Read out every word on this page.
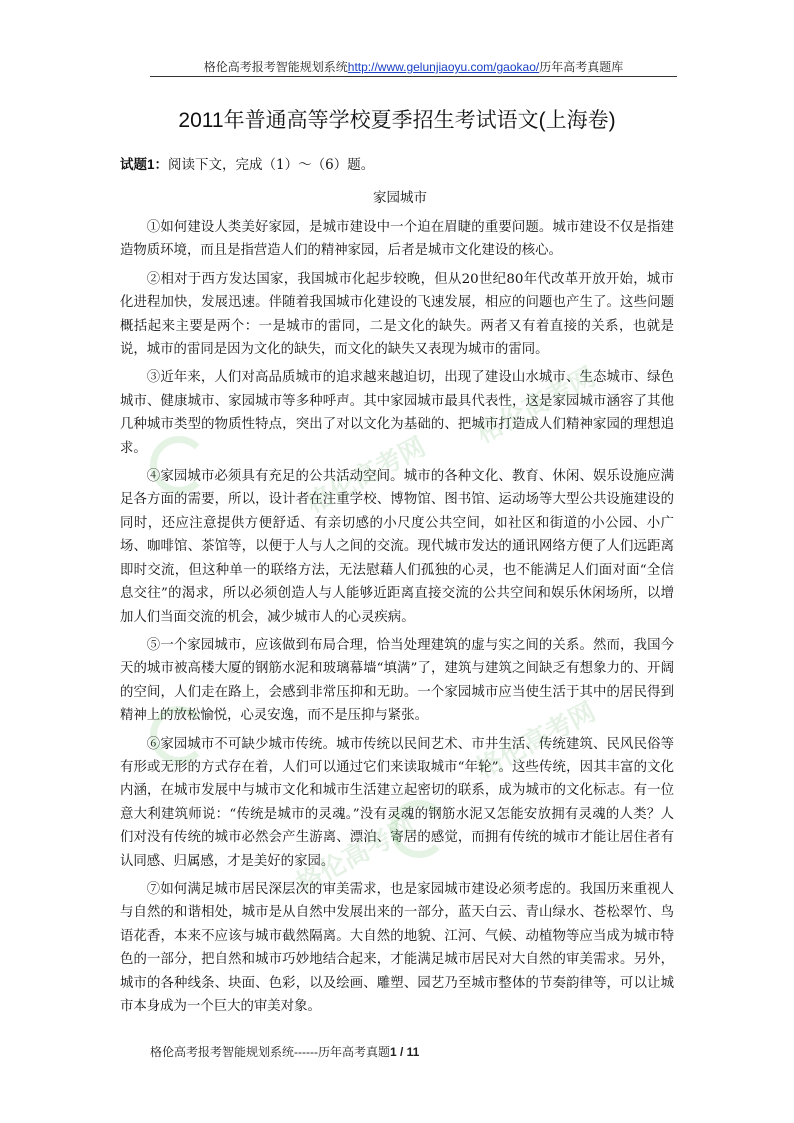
格伦高考报考智能规划系统http://www.gelunjiaoyu.com/gaokao/历年高考真题库
2011年普通高等学校夏季招生考试语文(上海卷)
试题1：阅读下文，完成（1）～（6）题。
家园城市

①如何建设人类美好家园，是城市建设中一个迫在眉睫的重要问题。城市建设不仅是指建造物质环境，而且是指营造人们的精神家园，后者是城市文化建设的核心。

②相对于西方发达国家，我国城市化起步较晚，但从20世纪80年代改革开放开始，城市化进程加快，发展迅速。伴随着我国城市化建设的飞速发展，相应的问题也产生了。这些问题概括起来主要是两个：一是城市的雷同，二是文化的缺失。两者又有着直接的关系，也就是说，城市的雷同是因为文化的缺失，而文化的缺失又表现为城市的雷同。

③近年来，人们对高品质城市的追求越来越迫切，出现了建设山水城市、生态城市、绿色城市、健康城市、家园城市等多种呼声。其中家园城市最具代表性，这是家园城市涵容了其他几种城市类型的物质性特点，突出了对以文化为基础的、把城市打造成人们精神家园的理想追求。

④家园城市必须具有充足的公共活动空间。城市的各种文化、教育、休闲、娱乐设施应满足各方面的需要，所以，设计者在注重学校、博物馆、图书馆、运动场等大型公共设施建设的同时，还应注意提供方便舒适、有亲切感的小尺度公共空间，如社区和街道的小公园、小广场、咖啡馆、茶馆等，以便于人与人之间的交流。现代城市发达的通讯网络方便了人们远距离即时交流，但这种单一的联络方法，无法慰藉人们孤独的心灵，也不能满足人们面对面“全信息交往”的渴求，所以必须创造人与人能够近距离直接交流的公共空间和娱乐休闲场所，以增加人们当面交流的机会，减少城市人的心灵疾病。

⑤一个家园城市，应该做到布局合理，恰当处理建筑的虚与实之间的关系。然而，我国今天的城市被高楼大厦的钢筋水泥和玻璃幕墙“填满”了，建筑与建筑之间缺乏有想象力的、开阔的空间，人们走在路上，会感到非常压抑和无助。一个家园城市应当使生活于其中的居民得到精神上的放松愉悦，心灵安逸，而不是压抑与紧张。

⑥家园城市不可缺少城市传统。城市传统以民间艺术、市井生活、传统建筑、民风民俗等有形或无形的方式存在着，人们可以通过它们来读取城市“年轮”。这些传统，因其丰富的文化内涵，在城市发展中与城市文化和城市生活建立起密切的联系，成为城市的文化标志。有一位意大利建筑师说：“传统是城市的灵魂。”没有灵魂的钢筋水泥又怎能安放拥有灵魂的人类？人们对没有传统的城市必然会产生游离、漂泊、寄居的感觉，而拥有传统的城市才能让居住者有认同感、归属感，才是美好的家园。

⑦如何满足城市居民深层次的审美需求，也是家园城市建设必须考虑的。我国历来重视人与自然的和谐相处，城市是从自然中发展出来的一部分，蓝天白云、青山绿水、苍松翠竹、鸟语花香，本来不应该与城市截然隔离。大自然的地貌、江河、气候、动植物等应当成为城市特色的一部分，把自然和城市巧妙地结合起来，才能满足城市居民对大自然的审美需求。另外，城市的各种线条、块面、色彩，以及绘画、雕塑、园艺乃至城市整体的节奏韵律等，可以让城市本身成为一个巨大的审美对象。

格伦高考报考智能规划系统------历年高考真题1 / 11
格伦高考网
格伦高考网
格伦高考网
格伦高考网
